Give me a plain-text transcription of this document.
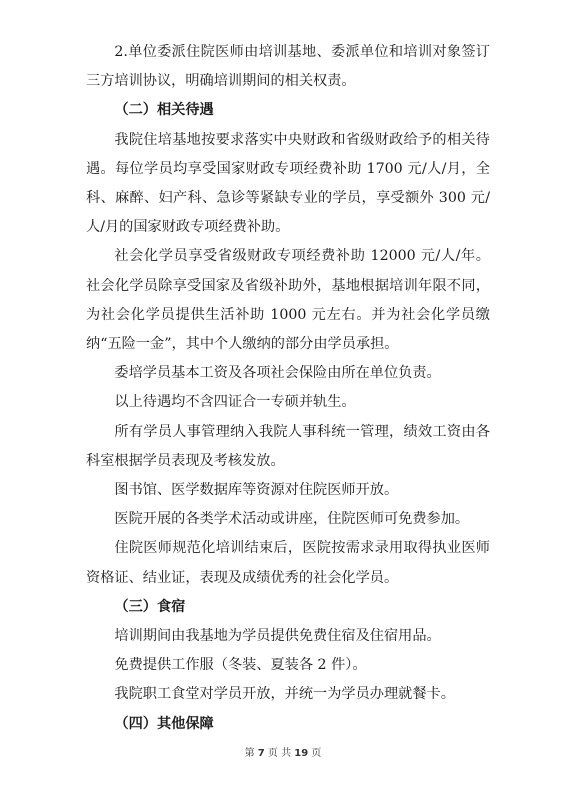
2.单位委派住院医师由培训基地、委派单位和培训对象签订三方培训协议，明确培训期间的相关权责。

（二）相关待遇

我院住培基地按要求落实中央财政和省级财政给予的相关待遇。每位学员均享受国家财政专项经费补助 1700 元/人/月，全科、麻醉、妇产科、急诊等紧缺专业的学员，享受额外 300 元/人/月的国家财政专项经费补助。

社会化学员享受省级财政专项经费补助 12000 元/人/年。社会化学员除享受国家及省级补助外，基地根据培训年限不同，为社会化学员提供生活补助 1000 元左右。并为社会化学员缴纳“五险一金”，其中个人缴纳的部分由学员承担。

委培学员基本工资及各项社会保险由所在单位负责。

以上待遇均不含四证合一专硕并轨生。

所有学员人事管理纳入我院人事科统一管理，绩效工资由各科室根据学员表现及考核发放。

图书馆、医学数据库等资源对住院医师开放。

医院开展的各类学术活动或讲座，住院医师可免费参加。

住院医师规范化培训结束后，医院按需求录用取得执业医师资格证、结业证，表现及成绩优秀的社会化学员。

（三）食宿

培训期间由我基地为学员提供免费住宿及住宿用品。

免费提供工作服（冬装、夏装各 2 件）。

我院职工食堂对学员开放，并统一为学员办理就餐卡。

（四）其他保障

第 7 页 共 19 页
